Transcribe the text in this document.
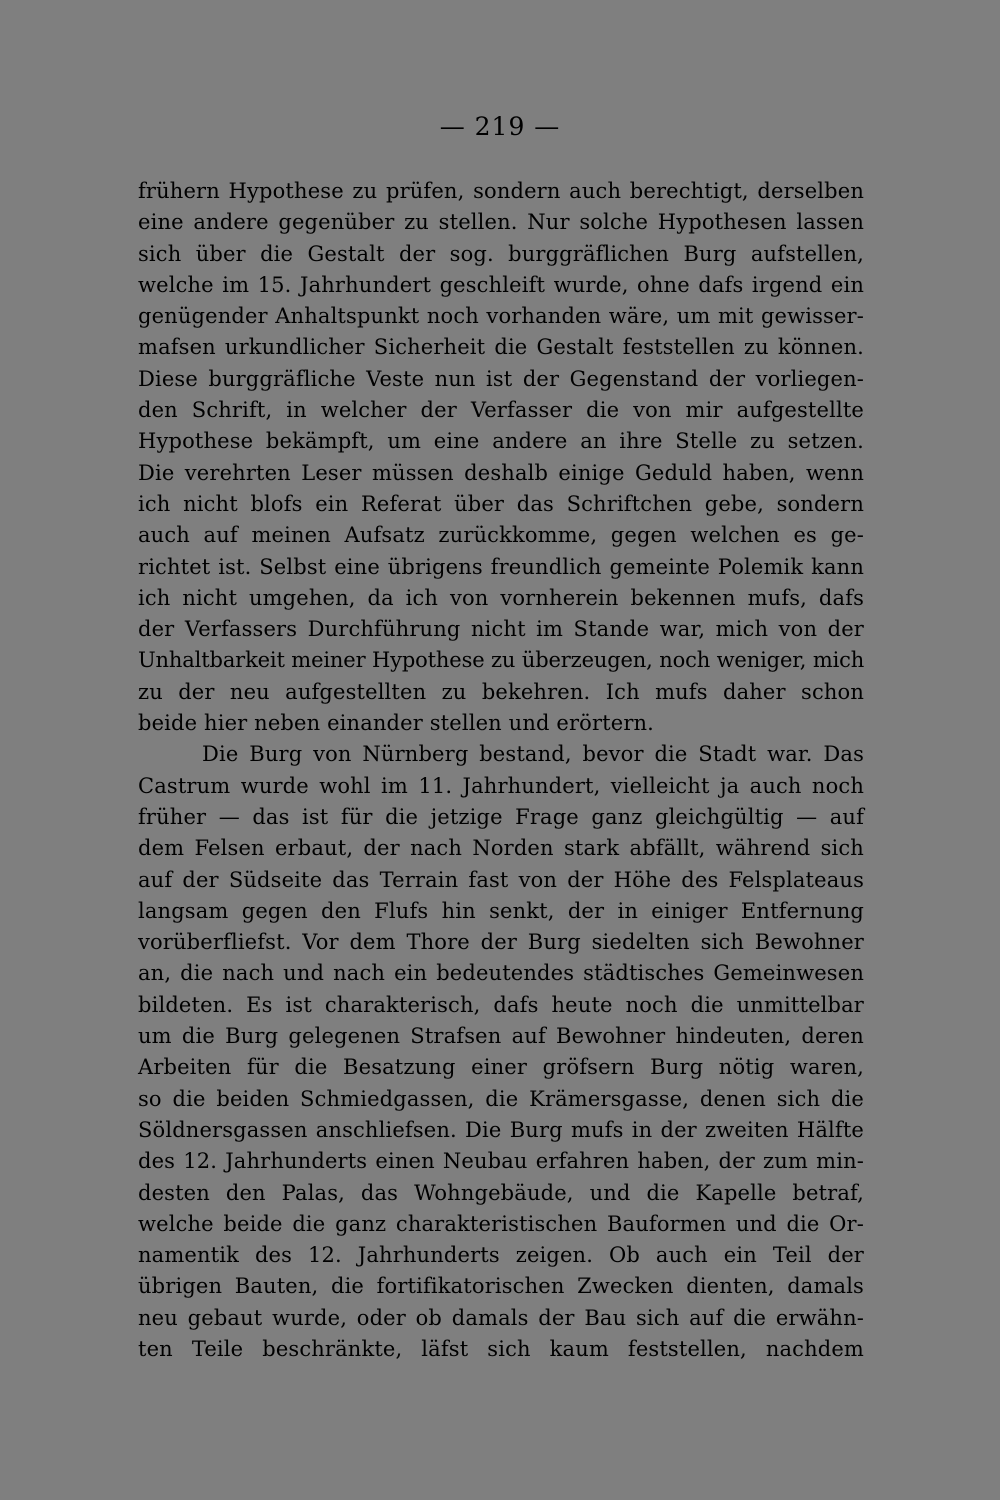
— 219 —
frühern Hypothese zu prüfen, sondern auch berechtigt, derselben
eine andere gegenüber zu stellen. Nur solche Hypothesen lassen
sich über die Gestalt der sog. burggräflichen Burg aufstellen,
welche im 15. Jahrhundert geschleift wurde, ohne dafs irgend ein
genügender Anhaltspunkt noch vorhanden wäre, um mit gewisser-
mafsen urkundlicher Sicherheit die Gestalt feststellen zu können.
Diese burggräfliche Veste nun ist der Gegenstand der vorliegen-
den Schrift, in welcher der Verfasser die von mir aufgestellte
Hypothese bekämpft, um eine andere an ihre Stelle zu setzen.
Die verehrten Leser müssen deshalb einige Geduld haben, wenn
ich nicht blofs ein Referat über das Schriftchen gebe, sondern
auch auf meinen Aufsatz zurückkomme, gegen welchen es ge-
richtet ist. Selbst eine übrigens freundlich gemeinte Polemik kann
ich nicht umgehen, da ich von vornherein bekennen mufs, dafs
der Verfassers Durchführung nicht im Stande war, mich von der
Unhaltbarkeit meiner Hypothese zu überzeugen, noch weniger, mich
zu der neu aufgestellten zu bekehren. Ich mufs daher schon
beide hier neben einander stellen und erörtern.
Die Burg von Nürnberg bestand, bevor die Stadt war. Das
Castrum wurde wohl im 11. Jahrhundert, vielleicht ja auch noch
früher — das ist für die jetzige Frage ganz gleichgültig — auf
dem Felsen erbaut, der nach Norden stark abfällt, während sich
auf der Südseite das Terrain fast von der Höhe des Felsplateaus
langsam gegen den Flufs hin senkt, der in einiger Entfernung
vorüberfliefst. Vor dem Thore der Burg siedelten sich Bewohner
an, die nach und nach ein bedeutendes städtisches Gemeinwesen
bildeten. Es ist charakterisch, dafs heute noch die unmittelbar
um die Burg gelegenen Strafsen auf Bewohner hindeuten, deren
Arbeiten für die Besatzung einer gröfsern Burg nötig waren,
so die beiden Schmiedgassen, die Krämersgasse, denen sich die
Söldnersgassen anschliefsen. Die Burg mufs in der zweiten Hälfte
des 12. Jahrhunderts einen Neubau erfahren haben, der zum min-
desten den Palas, das Wohngebäude, und die Kapelle betraf,
welche beide die ganz charakteristischen Bauformen und die Or-
namentik des 12. Jahrhunderts zeigen. Ob auch ein Teil der
übrigen Bauten, die fortifikatorischen Zwecken dienten, damals
neu gebaut wurde, oder ob damals der Bau sich auf die erwähn-
ten Teile beschränkte, läfst sich kaum feststellen, nachdem
